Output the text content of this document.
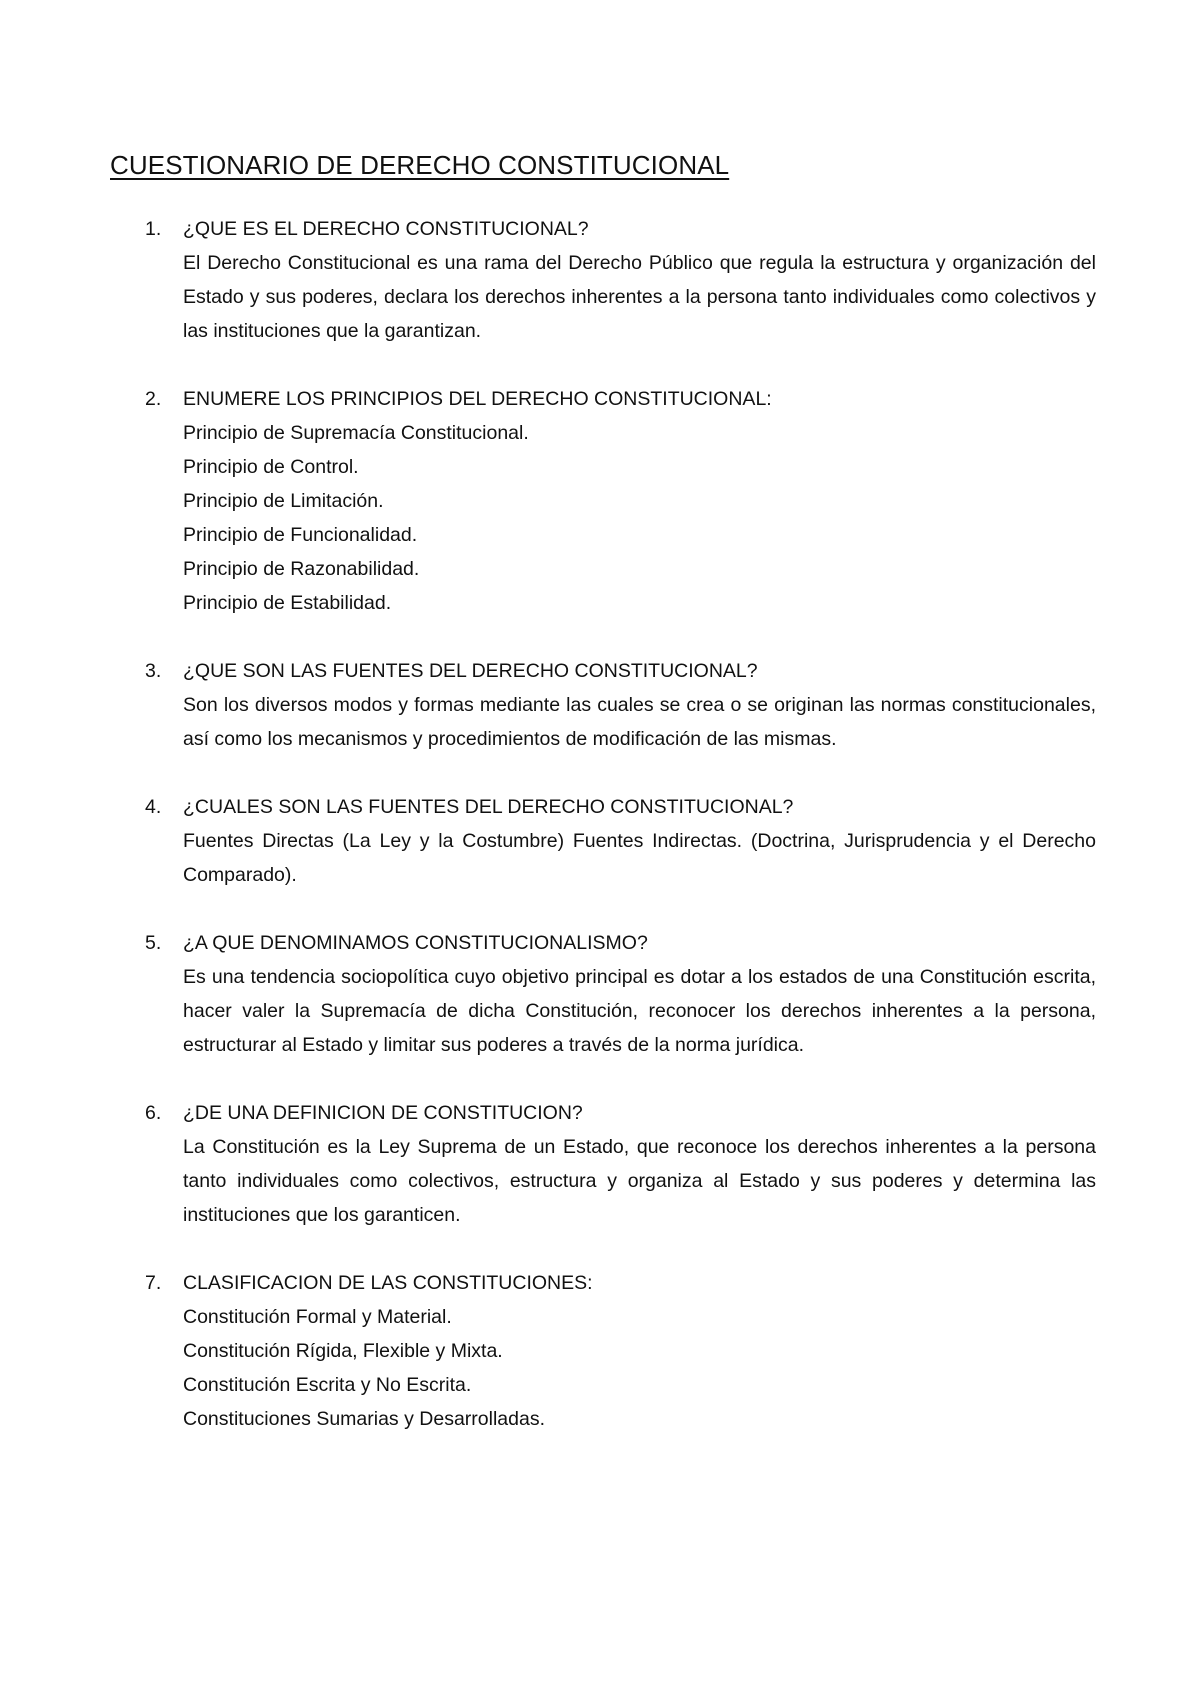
CUESTIONARIO DE DERECHO CONSTITUCIONAL
1. ¿QUE ES EL DERECHO CONSTITUCIONAL?
El Derecho Constitucional es una rama del Derecho Público que regula la estructura y organización del Estado y sus poderes, declara los derechos inherentes a la persona tanto individuales como colectivos y las instituciones que la garantizan.
2. ENUMERE LOS PRINCIPIOS DEL DERECHO CONSTITUCIONAL:
Principio de Supremacía Constitucional.
Principio de Control.
Principio de Limitación.
Principio de Funcionalidad.
Principio de Razonabilidad.
Principio de Estabilidad.
3. ¿QUE SON LAS FUENTES DEL DERECHO CONSTITUCIONAL?
Son los diversos modos y formas mediante las cuales se crea o se originan las normas constitucionales, así como los mecanismos y procedimientos de modificación de las mismas.
4. ¿CUALES SON LAS FUENTES DEL DERECHO CONSTITUCIONAL?
Fuentes Directas (La Ley y la Costumbre) Fuentes Indirectas. (Doctrina, Jurisprudencia y el Derecho Comparado).
5. ¿A QUE DENOMINAMOS CONSTITUCIONALISMO?
Es una tendencia sociopolítica cuyo objetivo principal es dotar a los estados de una Constitución escrita, hacer valer la Supremacía de dicha Constitución, reconocer los derechos inherentes a la persona, estructurar al Estado y limitar sus poderes a través de la norma jurídica.
6. ¿DE UNA DEFINICION DE CONSTITUCION?
La Constitución es la Ley Suprema de un Estado, que reconoce los derechos inherentes a la persona tanto individuales como colectivos, estructura y organiza al Estado y sus poderes y determina las instituciones que los garanticen.
7. CLASIFICACION DE LAS CONSTITUCIONES:
Constitución Formal y Material.
Constitución Rígida, Flexible y Mixta.
Constitución Escrita y No Escrita.
Constituciones Sumarias y Desarrolladas.
